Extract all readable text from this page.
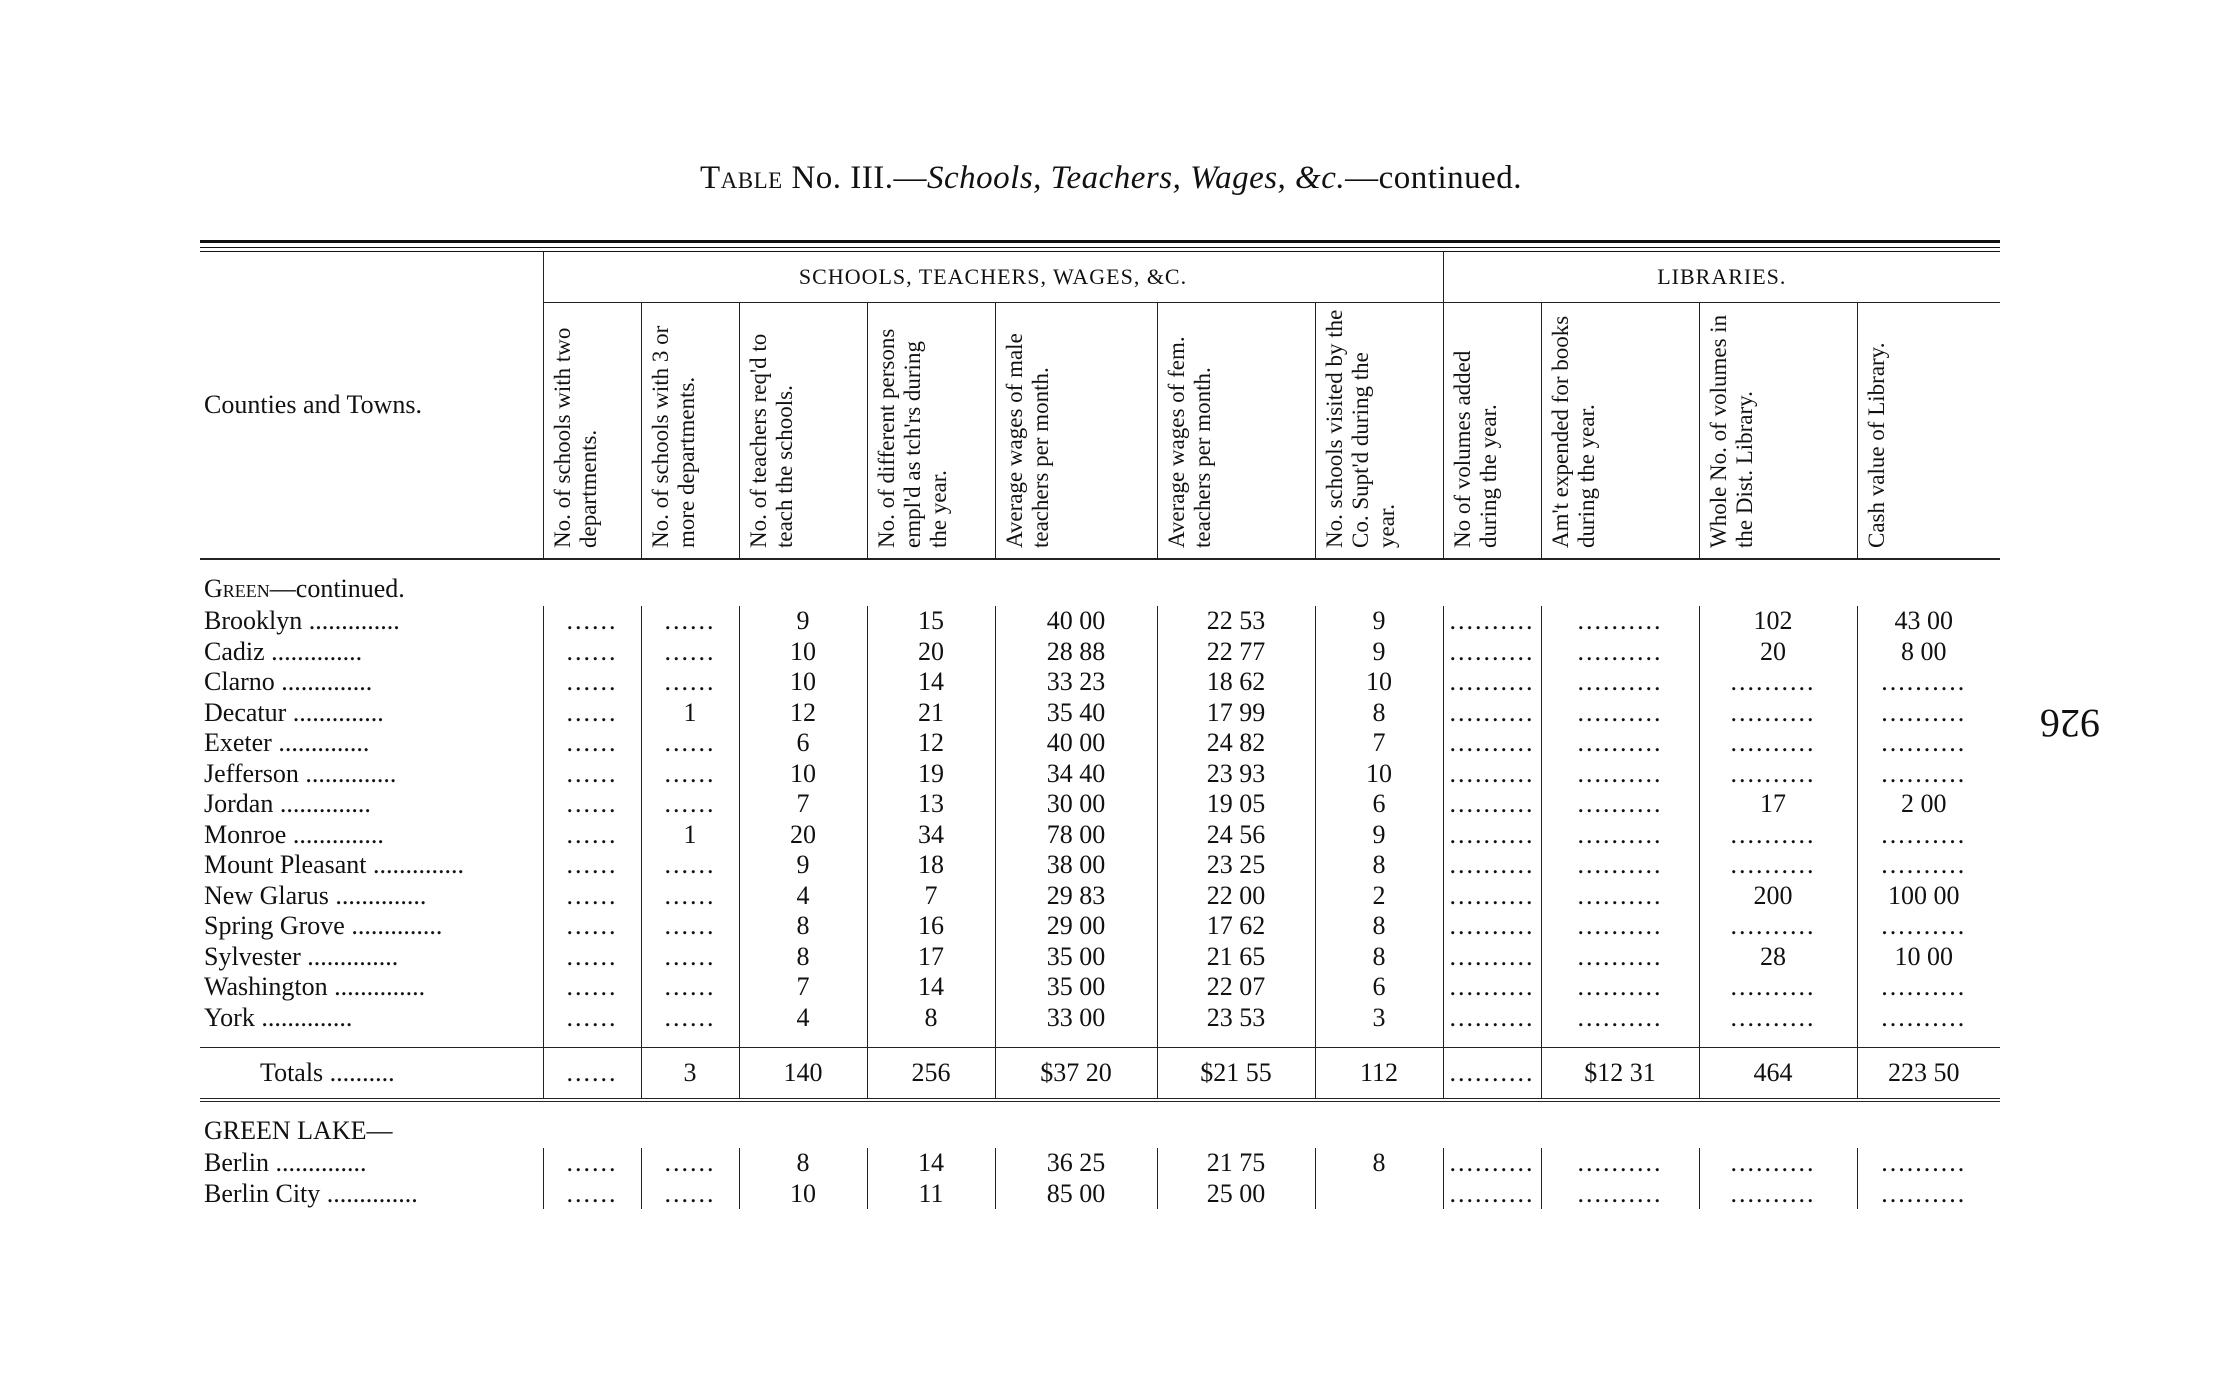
Table No. III.—Schools, Teachers, Wages, &c.—continued.
926
Counties and Towns.	SCHOOLS, TEACHERS, WAGES, &C.							LIBRARIES.			

	No. of schools with two departments.	No. of schools with 3 or more departments.	No. of teachers req'd to teach the schools.	No. of different persons empl'd as tch'rs during the year.	Average wages of male teachers per month.	Average wages of fem. teachers per month.	No. schools visited by the Co. Supt'd during the year.	No of volumes added during the year.	Am't expended for books during the year.	Whole No. of volumes in the Dist. Library.	Cash value of Library.

Green—continued.											
Brooklyn ..............	......	......	9	15	40 00	22 53	9	..........	..........	102	43 00
Cadiz ..............	......	......	10	20	28 88	22 77	9	..........	..........	20	8 00
Clarno ..............	......	......	10	14	33 23	18 62	10	..........	..........	..........	..........
Decatur ..............	......	1	12	21	35 40	17 99	8	..........	..........	..........	..........
Exeter ..............	......	......	6	12	40 00	24 82	7	..........	..........	..........	..........
Jefferson ..............	......	......	10	19	34 40	23 93	10	..........	..........	..........	..........
Jordan ..............	......	......	7	13	30 00	19 05	6	..........	..........	17	2 00
Monroe ..............	......	1	20	34	78 00	24 56	9	..........	..........	..........	..........
Mount Pleasant ..............	......	......	9	18	38 00	23 25	8	..........	..........	..........	..........
New Glarus ..............	......	......	4	7	29 83	22 00	2	..........	..........	200	100 00
Spring Grove ..............	......	......	8	16	29 00	17 62	8	..........	..........	..........	..........
Sylvester ..............	......	......	8	17	35 00	21 65	8	..........	..........	28	10 00
Washington ..............	......	......	7	14	35 00	22 07	6	..........	..........	..........	..........
York ..............	......	......	4	8	33 00	23 53	3	..........	..........	..........	..........

Totals ..........	......	3	140	256	$37 20	$21 55	112	..........	$12 31	464	223 50
GREEN LAKE—											
Berlin ..............	......	......	8	14	36 25	21 75	8	..........	..........	..........	..........
Berlin City ..............	......	......	10	11	85 00	25 00		..........	..........	..........	..........
